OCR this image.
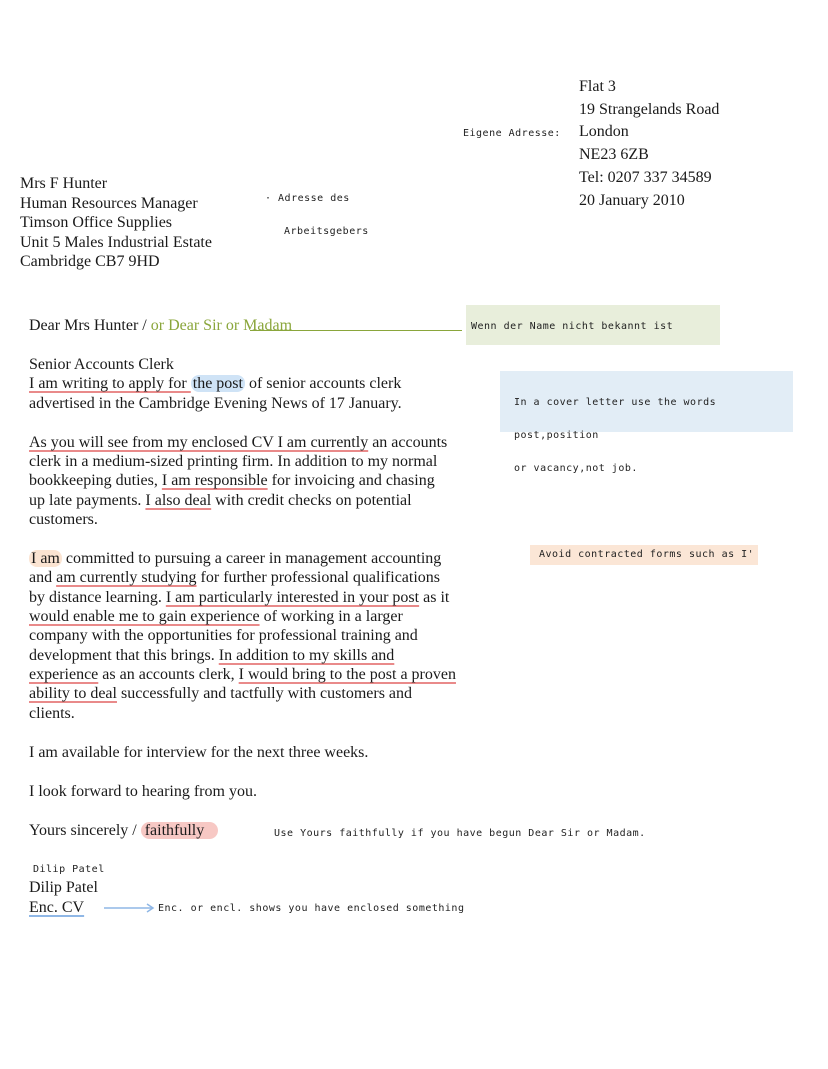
Eigene Adresse:
Flat 3
19 Strangelands Road
London
NE23 6ZB
Tel: 0207 337 34589
20 January 2010
Mrs F Hunter
Human Resources Manager
Timson Office Supplies
Unit 5 Males Industrial Estate
Cambridge CB7 9HD
· Adresse des
Arbeitsgebers
Dear Mrs Hunter / or Dear Sir or Madam	Wenn der Name nicht bekannt ist
Senior Accounts Clerk
I am writing to apply for the post of senior accounts clerk
advertised in the Cambridge Evening News of 17 January.	In a cover letter use the words post,position
or vacancy,not job.
As you will see from my enclosed CV I am currently an accounts
clerk in a medium-sized printing firm. In addition to my normal
bookkeeping duties, I am responsible for invoicing and chasing
up late payments. I also deal with credit checks on potential
customers.
Avoid contracted forms such as I'
I am committed to pursuing a career in management accounting
and am currently studying for further professional qualifications
by distance learning. I am particularly interested in your post as it
would enable me to gain experience of working in a larger
company with the opportunities for professional training and
development that this brings. In addition to my skills and
experience as an accounts clerk, I would bring to the post a proven
ability to deal successfully and tactfully with customers and
clients.
I am available for interview for the next three weeks.
I look forward to hearing from you.
Yours sincerely / faithfully	Use Yours faithfully if you have begun Dear Sir or Madam.
Dilip Patel
Dilip Patel
Enc. CV	Enc. or encl. shows you have enclosed something
